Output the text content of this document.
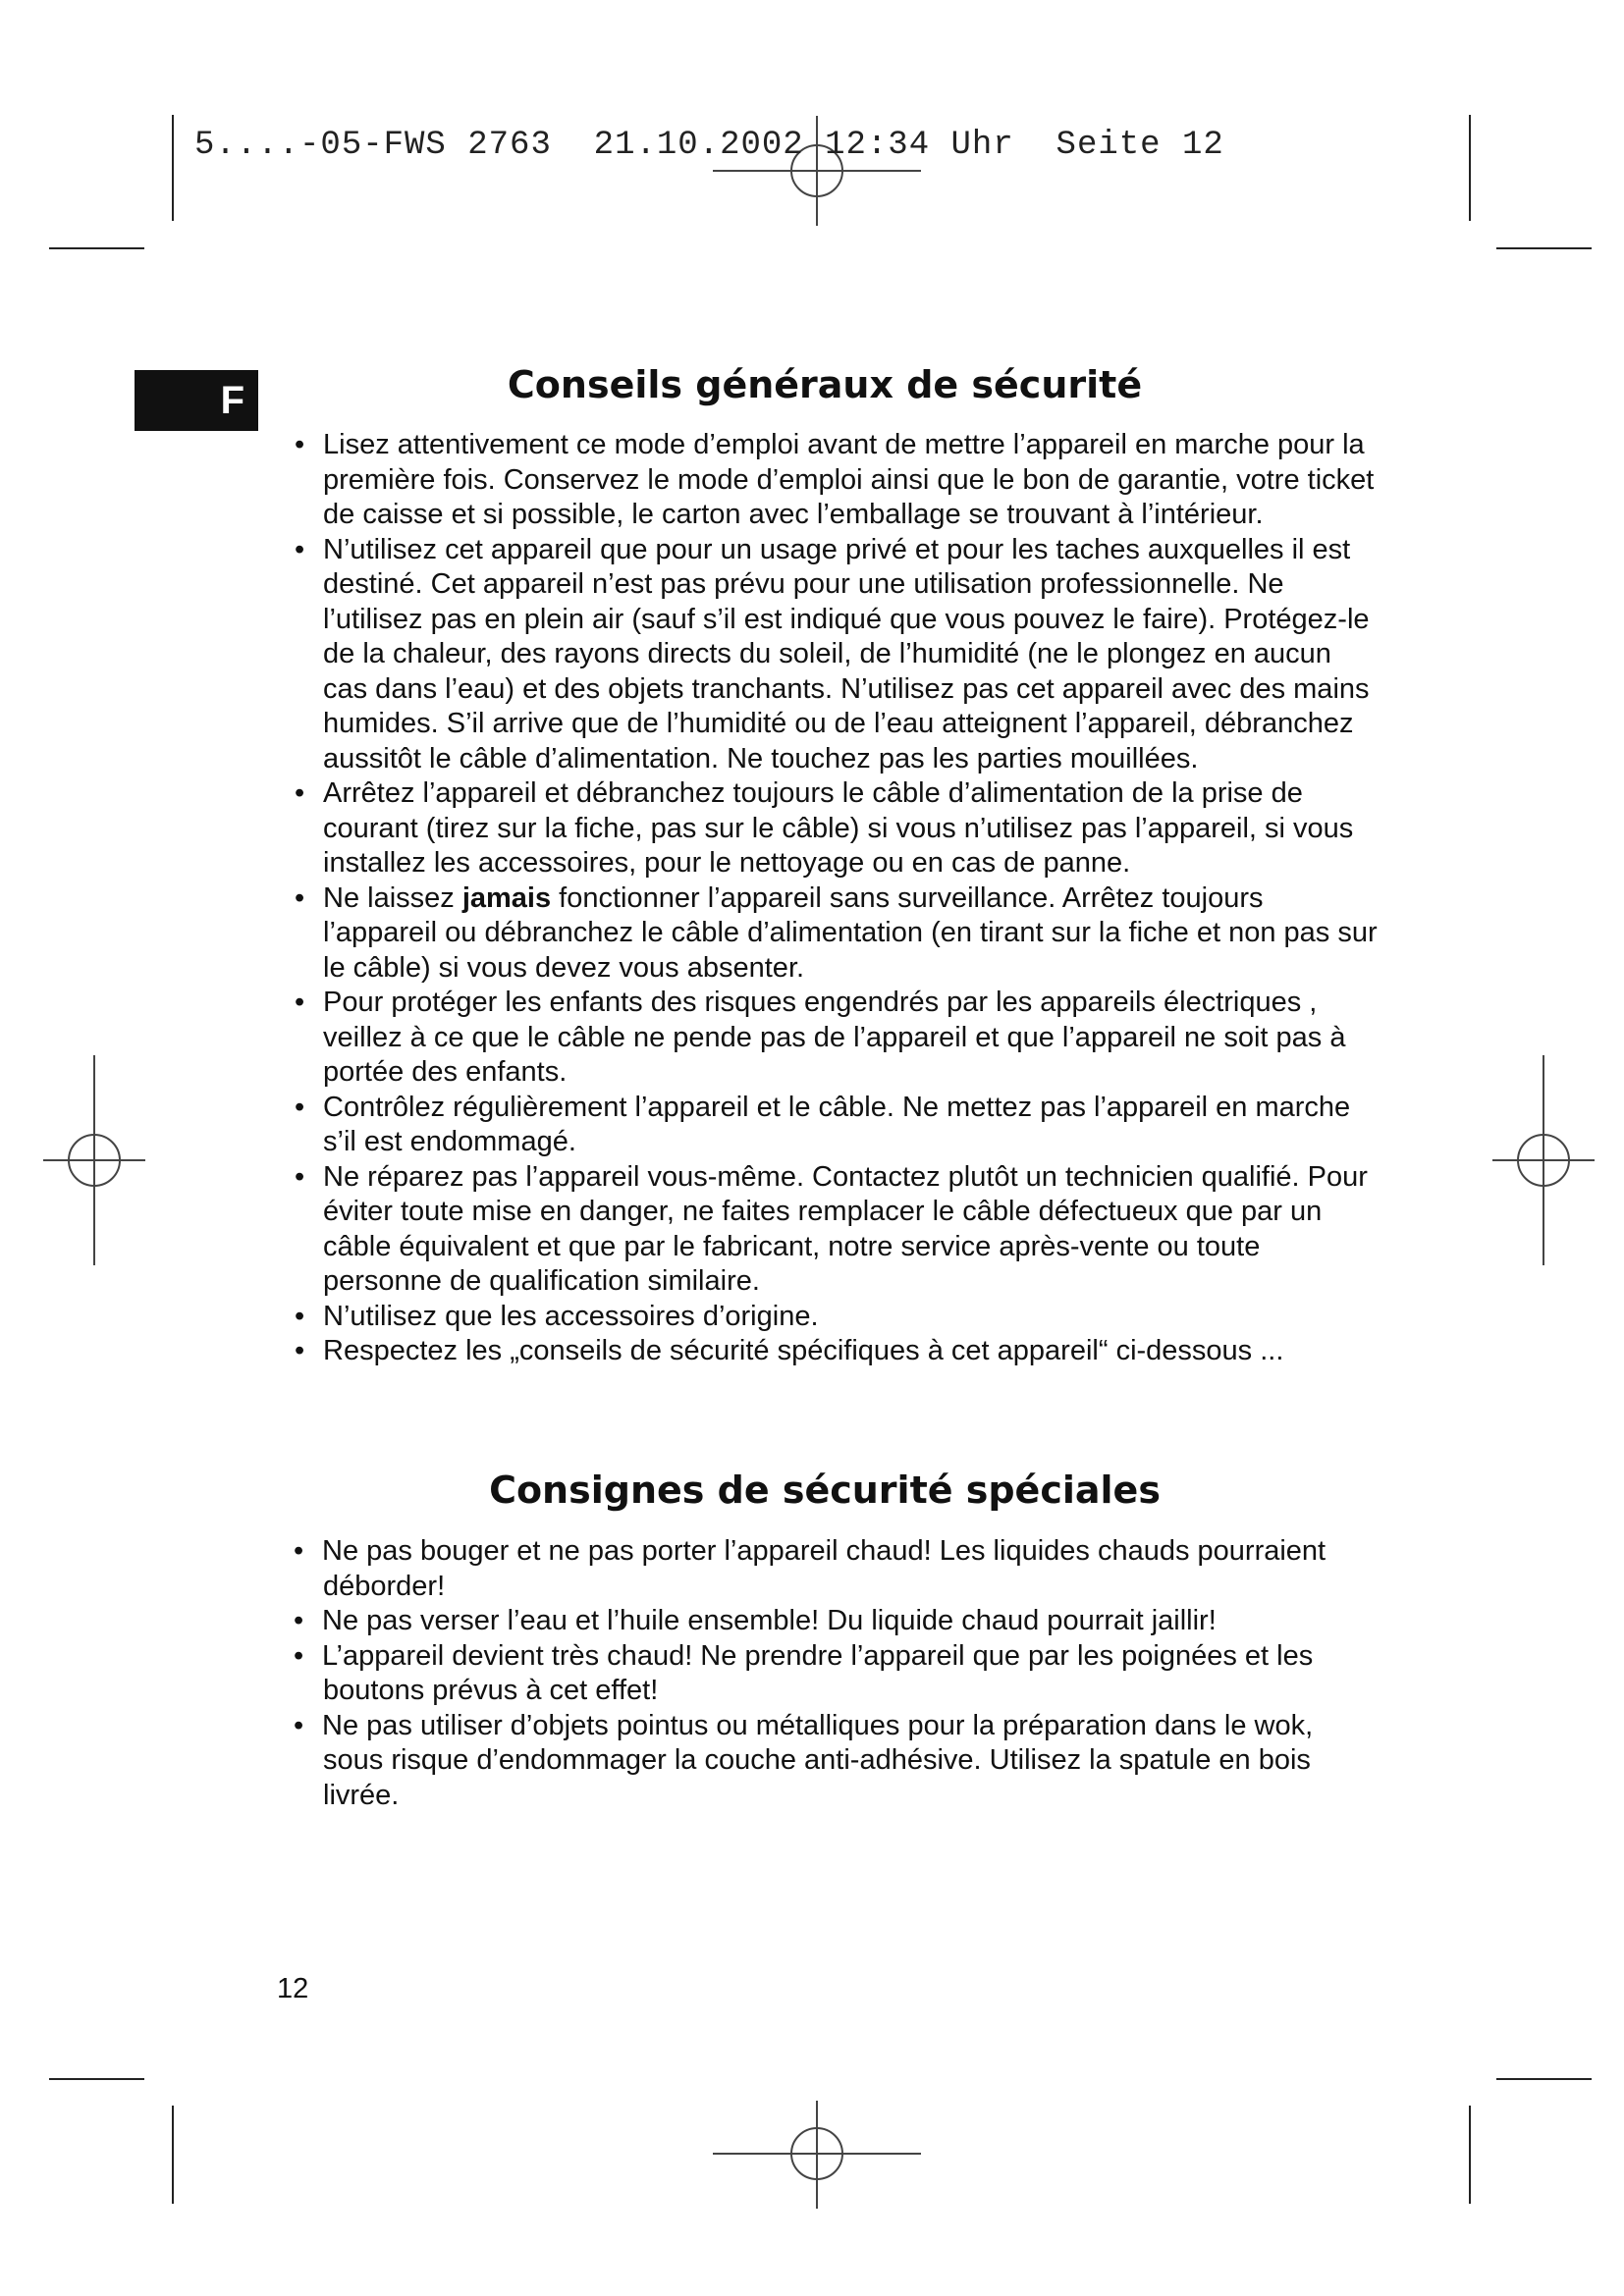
5....-05-FWS 2763  21.10.2002 12:34 Uhr  Seite 12
F	Conseils généraux de sécurité
• Lisez attentivement ce mode d’emploi avant de mettre l’appareil en marche pour la première fois. Conservez le mode d’emploi ainsi que le bon de garantie, votre ticket de caisse et si possible, le carton avec l’emballage se trouvant à l’intérieur.
• N’utilisez cet appareil que pour un usage privé et pour les taches auxquelles il est destiné. Cet appareil n’est pas prévu pour une utilisation professionnelle. Ne l’utilisez pas en plein air (sauf s’il est indiqué que vous pouvez le faire). Protégez-le de la chaleur, des rayons directs du soleil, de l’humidité (ne le plongez en aucun cas dans l’eau) et des objets tranchants. N’utilisez pas cet appareil avec des mains humides. S’il arrive que de l’humidité ou de l’eau atteignent l’appareil, débranchez aussitôt le câble d’alimentation. Ne touchez pas les parties mouillées.
• Arrêtez l’appareil et débranchez toujours le câble d’alimentation de la prise de courant (tirez sur la fiche, pas sur le câble) si vous n’utilisez pas l’appareil, si vous installez les accessoires, pour le nettoyage ou en cas de panne.
• Ne laissez jamais fonctionner l’appareil sans surveillance. Arrêtez toujours l’appareil ou débranchez le câble d’alimentation (en tirant sur la fiche et non pas sur le câble) si vous devez vous absenter.
• Pour protéger les enfants des risques engendrés par les appareils électriques , veillez à ce que le câble ne pende pas de l’appareil et que l’appareil ne soit pas à portée des enfants.
• Contrôlez régulièrement l’appareil et le câble. Ne mettez pas l’appareil en marche s’il est endommagé.
• Ne réparez pas l’appareil vous-même. Contactez plutôt un technicien qualifié. Pour éviter toute mise en danger, ne faites remplacer le câble défectueux que par un câble équivalent et que par le fabricant, notre service après-vente ou toute personne de qualification similaire.
• N’utilisez que les accessoires d’origine.
• Respectez les „conseils de sécurité spécifiques à cet appareil“ ci-dessous ...
Consignes de sécurité spéciales
• Ne pas bouger et ne pas porter l’appareil chaud! Les liquides chauds pourraient déborder!
• Ne pas verser l’eau et l’huile ensemble! Du liquide chaud pourrait jaillir!
• L’appareil devient très chaud! Ne prendre l’appareil que par les poignées et les boutons prévus à cet effet!
• Ne pas utiliser d’objets pointus ou métalliques pour la préparation dans le wok, sous risque d’endommager la couche anti-adhésive. Utilisez la spatule en bois livrée.
12
